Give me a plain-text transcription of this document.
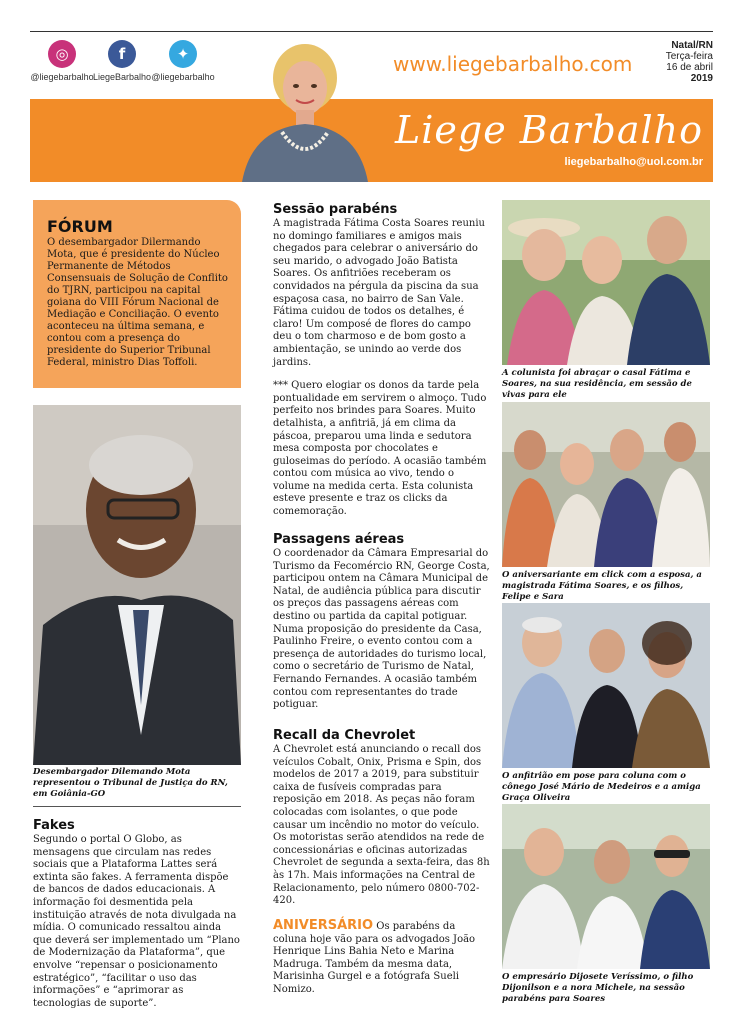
◎
@liegebarbalho
f
LiegeBarbalho
✦
@liegebarbalho
www.liegebarbalho.com
Natal/RN
Terça-feira
16 de abril
2019
Liege Barbalho
liegebarbalho@uol.com.br
FÓRUM
O desembargador Dilermando Mota, que é presidente do Núcleo Permanente de Métodos Consensuais de Solução de Conflito do TJRN, participou na capital goiana do VIII Fórum Nacional de Mediação e Conciliação. O evento aconteceu na última semana, e contou com a presença do presidente do Superior Tribunal Federal, ministro Dias Toffoli.
Desembargador Dilemando Mota representou o Tribunal de Justiça do RN, em Goiânia-GO
Fakes
Segundo o portal O Globo, as mensagens que circulam nas redes sociais que a Plataforma Lattes será extinta são fakes. A ferramenta dispõe de bancos de dados educacionais. A informação foi desmentida pela instituição através de nota divulgada na mídia. O comunicado ressaltou ainda que deverá ser implementado um “Plano de Modernização da Plataforma”, que envolve “repensar o posicionamento estratégico”, “facilitar o uso das informações” e “aprimorar as tecnologias de suporte”.
Sessão parabéns
A magistrada Fátima Costa Soares reuniu no domingo familiares e amigos mais chegados para celebrar o aniversário do seu marido, o advogado João Batista Soares. Os anfitriões receberam os convidados na pérgula da piscina da sua espaçosa casa, no bairro de San Vale. Fátima cuidou de todos os detalhes, é claro! Um composé de flores do campo deu o tom charmoso e de bom gosto a ambientação, se unindo ao verde dos jardins.
*** Quero elogiar os donos da tarde pela pontualidade em servirem o almoço. Tudo perfeito nos brindes para Soares. Muito detalhista, a anfitriã, já em clima da páscoa, preparou uma linda e sedutora mesa composta por chocolates e guloseimas do período. A ocasião também contou com música ao vivo, tendo o volume na medida certa. Esta colunista esteve presente e traz os clicks da comemoração.
Passagens aéreas
O coordenador da Câmara Empresarial do Turismo da Fecomércio RN, George Costa, participou ontem na Câmara Municipal de Natal, de audiência pública para discutir os preços das passagens aéreas com destino ou partida da capital potiguar. Numa proposição do presidente da Casa, Paulinho Freire, o evento contou com a presença de autoridades do turismo local, como o secretário de Turismo de Natal, Fernando Fernandes. A ocasião também contou com representantes do trade potiguar.
Recall da Chevrolet
A Chevrolet está anunciando o recall dos veículos Cobalt, Onix, Prisma e Spin, dos modelos de 2017 a 2019, para substituir caixa de fusíveis compradas para reposição em 2018. As peças não foram colocadas com isolantes, o que pode causar um incêndio no motor do veículo. Os motoristas serão atendidos na rede de concessionárias e oficinas autorizadas Chevrolet de segunda a sexta-feira, das 8h às 17h. Mais informações na Central de Relacionamento, pelo número 0800-702-420.
ANIVERSÁRIO Os parabéns da coluna hoje vão para os advogados João Henrique Lins Bahia Neto e Marina Madruga. Também da mesma data, Marisinha Gurgel e a fotógrafa Sueli Nomizo.
A colunista foi abraçar o casal Fátima e Soares, na sua residência, em sessão de vivas para ele
O aniversariante em click com a esposa, a magistrada Fátima Soares, e os filhos, Felipe e Sara
O anfitrião em pose para coluna com o cônego José Mário de Medeiros e a amiga Graça Oliveira
O empresário Dijosete Veríssimo, o filho Dijonilson e a nora Michele, na sessão parabéns para Soares
